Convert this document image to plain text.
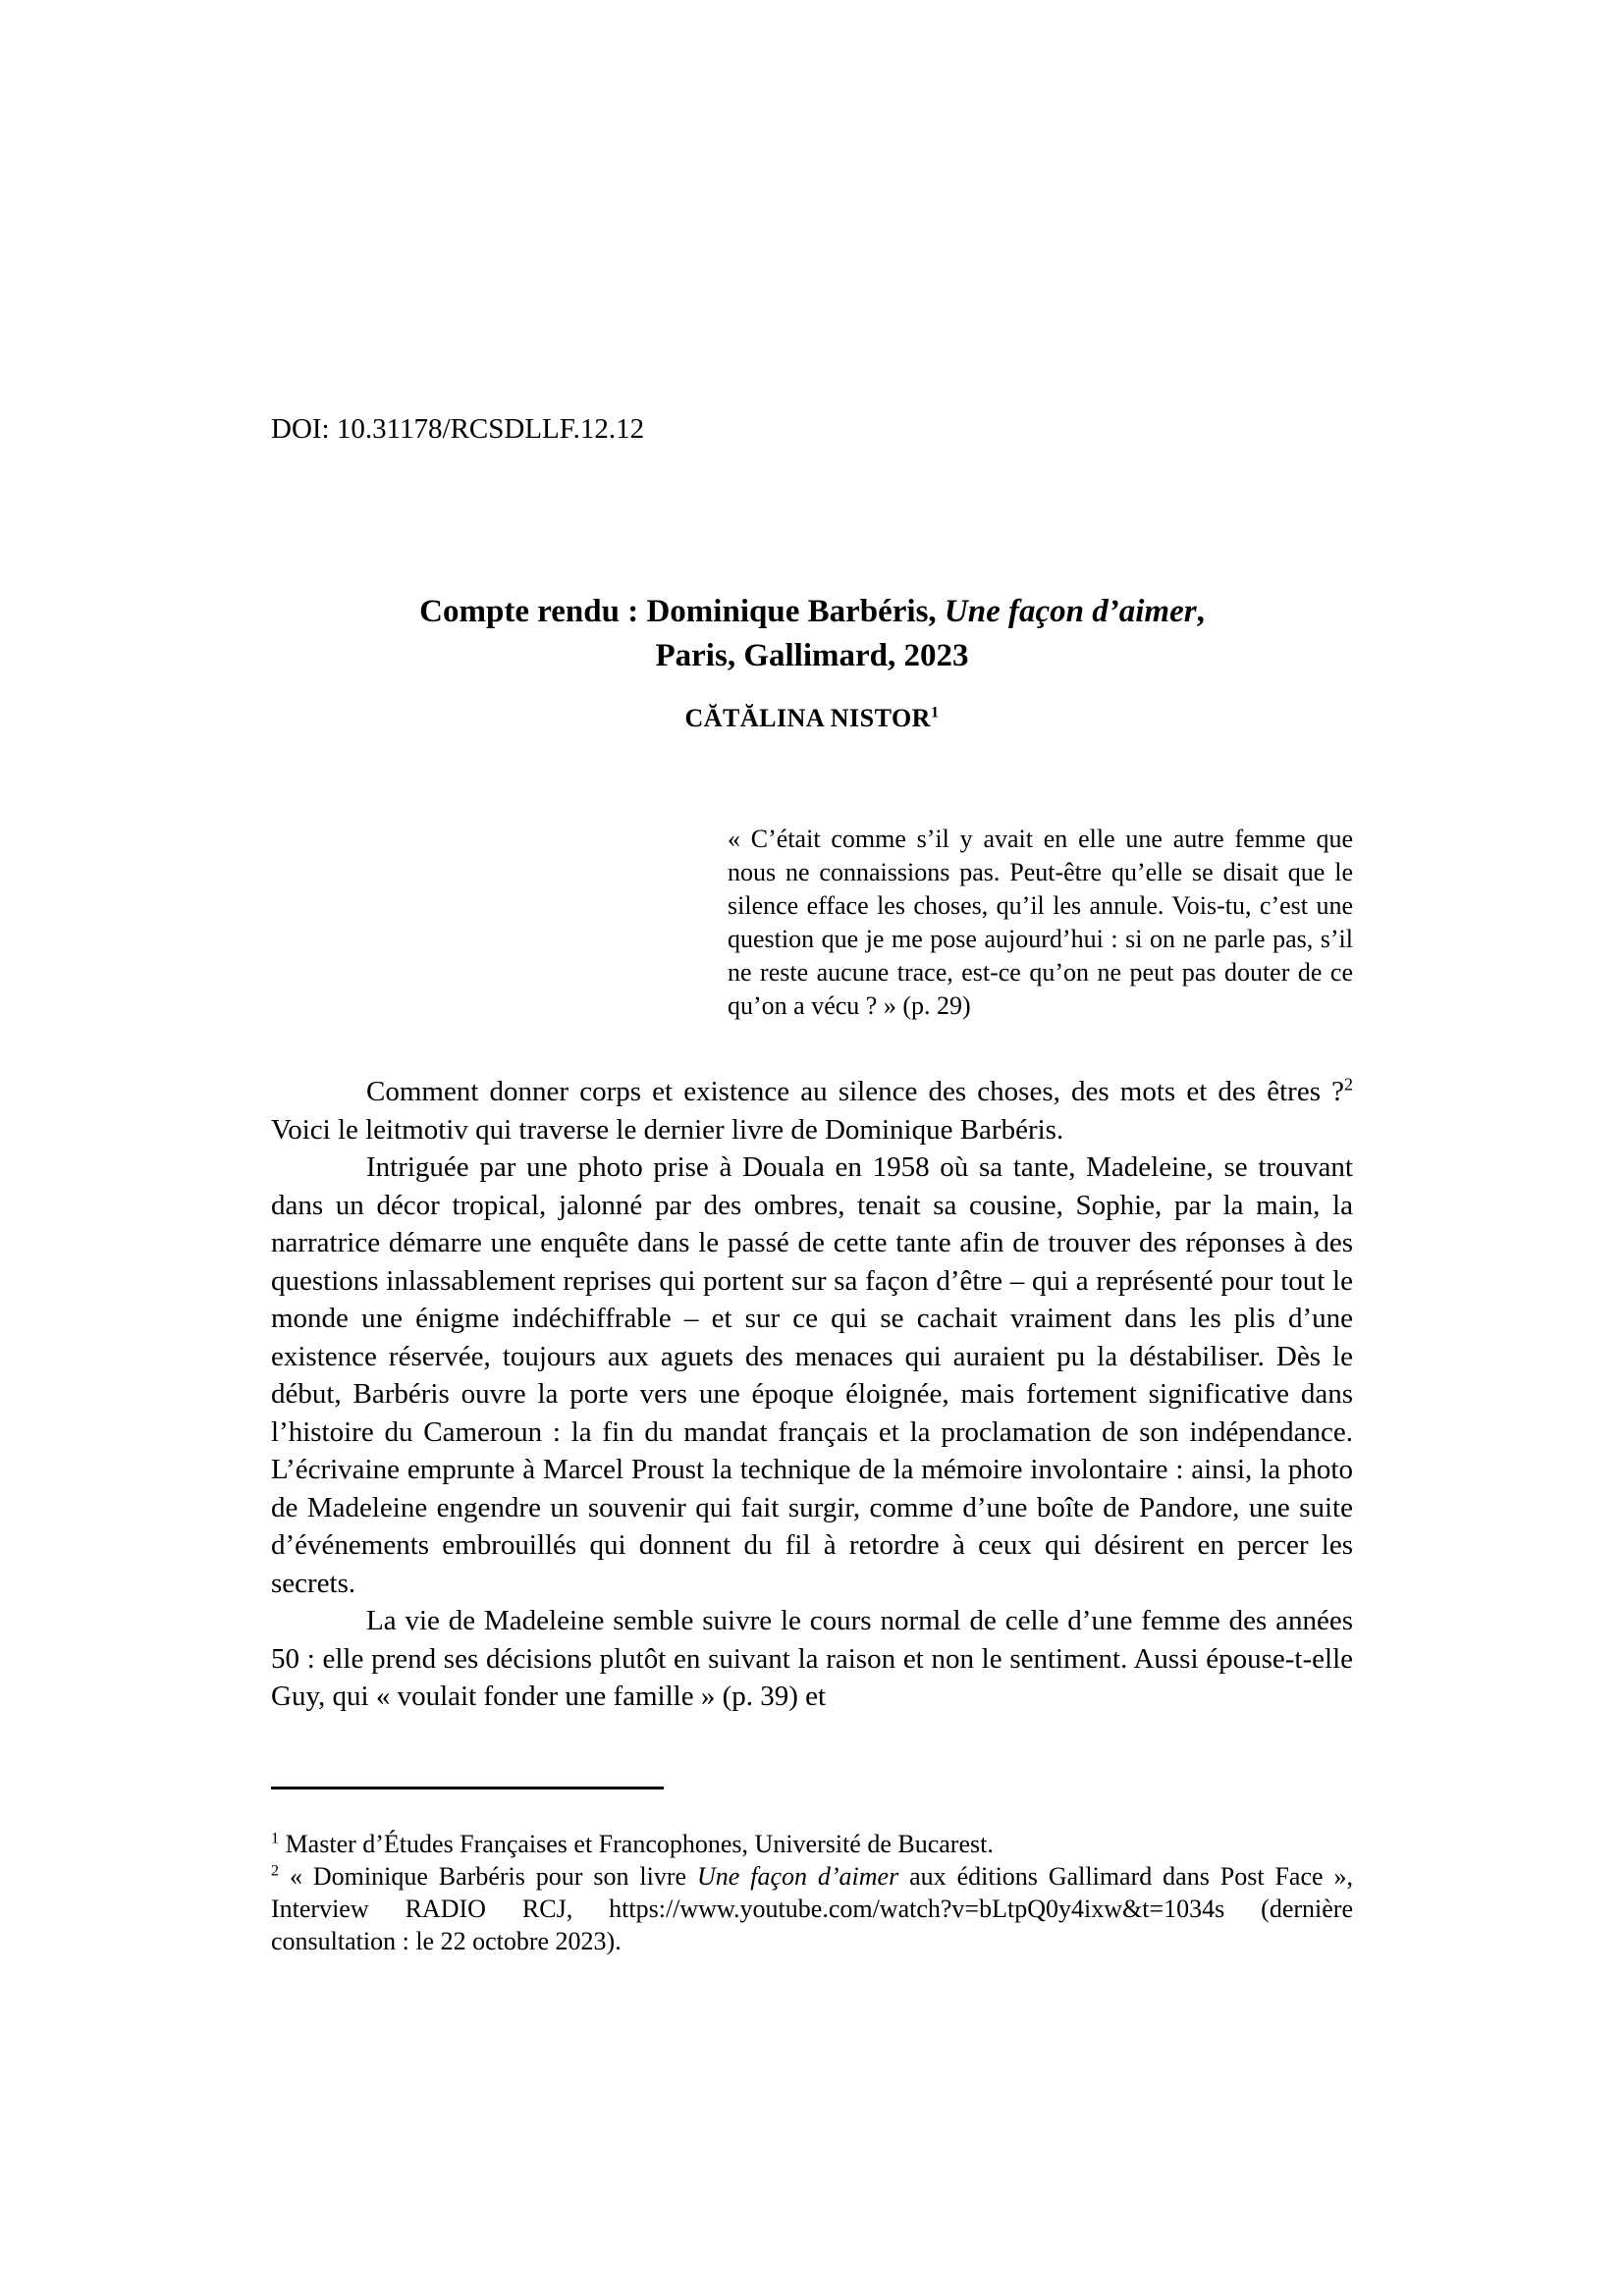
DOI: 10.31178/RCSDLLF.12.12
Compte rendu : Dominique Barbéris, Une façon d’aimer,
Paris, Gallimard, 2023
CĂTĂLINA NISTOR$^1$
« C’était comme s’il y avait en elle une autre femme que nous ne connaissions pas. Peut-être qu’elle se disait que le silence efface les choses, qu’il les annule. Vois-tu, c’est une question que je me pose aujourd’hui : si on ne parle pas, s’il ne reste aucune trace, est-ce qu’on ne peut pas douter de ce qu’on a vécu ? » (p. 29)

Comment donner corps et existence au silence des choses, des mots et des êtres ?$^2$ Voici le leitmotiv qui traverse le dernier livre de Dominique Barbéris.

Intriguée par une photo prise à Douala en 1958 où sa tante, Madeleine, se trouvant dans un décor tropical, jalonné par des ombres, tenait sa cousine, Sophie, par la main, la narratrice démarre une enquête dans le passé de cette tante afin de trouver des réponses à des questions inlassablement reprises qui portent sur sa façon d’être – qui a représenté pour tout le monde une énigme indéchiffrable – et sur ce qui se cachait vraiment dans les plis d’une existence réservée, toujours aux aguets des menaces qui auraient pu la déstabiliser. Dès le début, Barbéris ouvre la porte vers une époque éloignée, mais fortement significative dans l’histoire du Cameroun : la fin du mandat français et la proclamation de son indépendance. L’écrivaine emprunte à Marcel Proust la technique de la mémoire involontaire : ainsi, la photo de Madeleine engendre un souvenir qui fait surgir, comme d’une boîte de Pandore, une suite d’événements embrouillés qui donnent du fil à retordre à ceux qui désirent en percer les secrets.

La vie de Madeleine semble suivre le cours normal de celle d’une femme des années 50 : elle prend ses décisions plutôt en suivant la raison et non le sentiment. Aussi épouse-t-elle Guy, qui « voulait fonder une famille » (p. 39) et

$^1$ Master d’Études Françaises et Francophones, Université de Bucarest.

$^2$ « Dominique Barbéris pour son livre Une façon d’aimer aux éditions Gallimard dans Post Face », Interview RADIO RCJ, https://www.youtube.com/watch?v=bLtpQ0y4ixw&t=1034s (dernière consultation : le 22 octobre 2023).
